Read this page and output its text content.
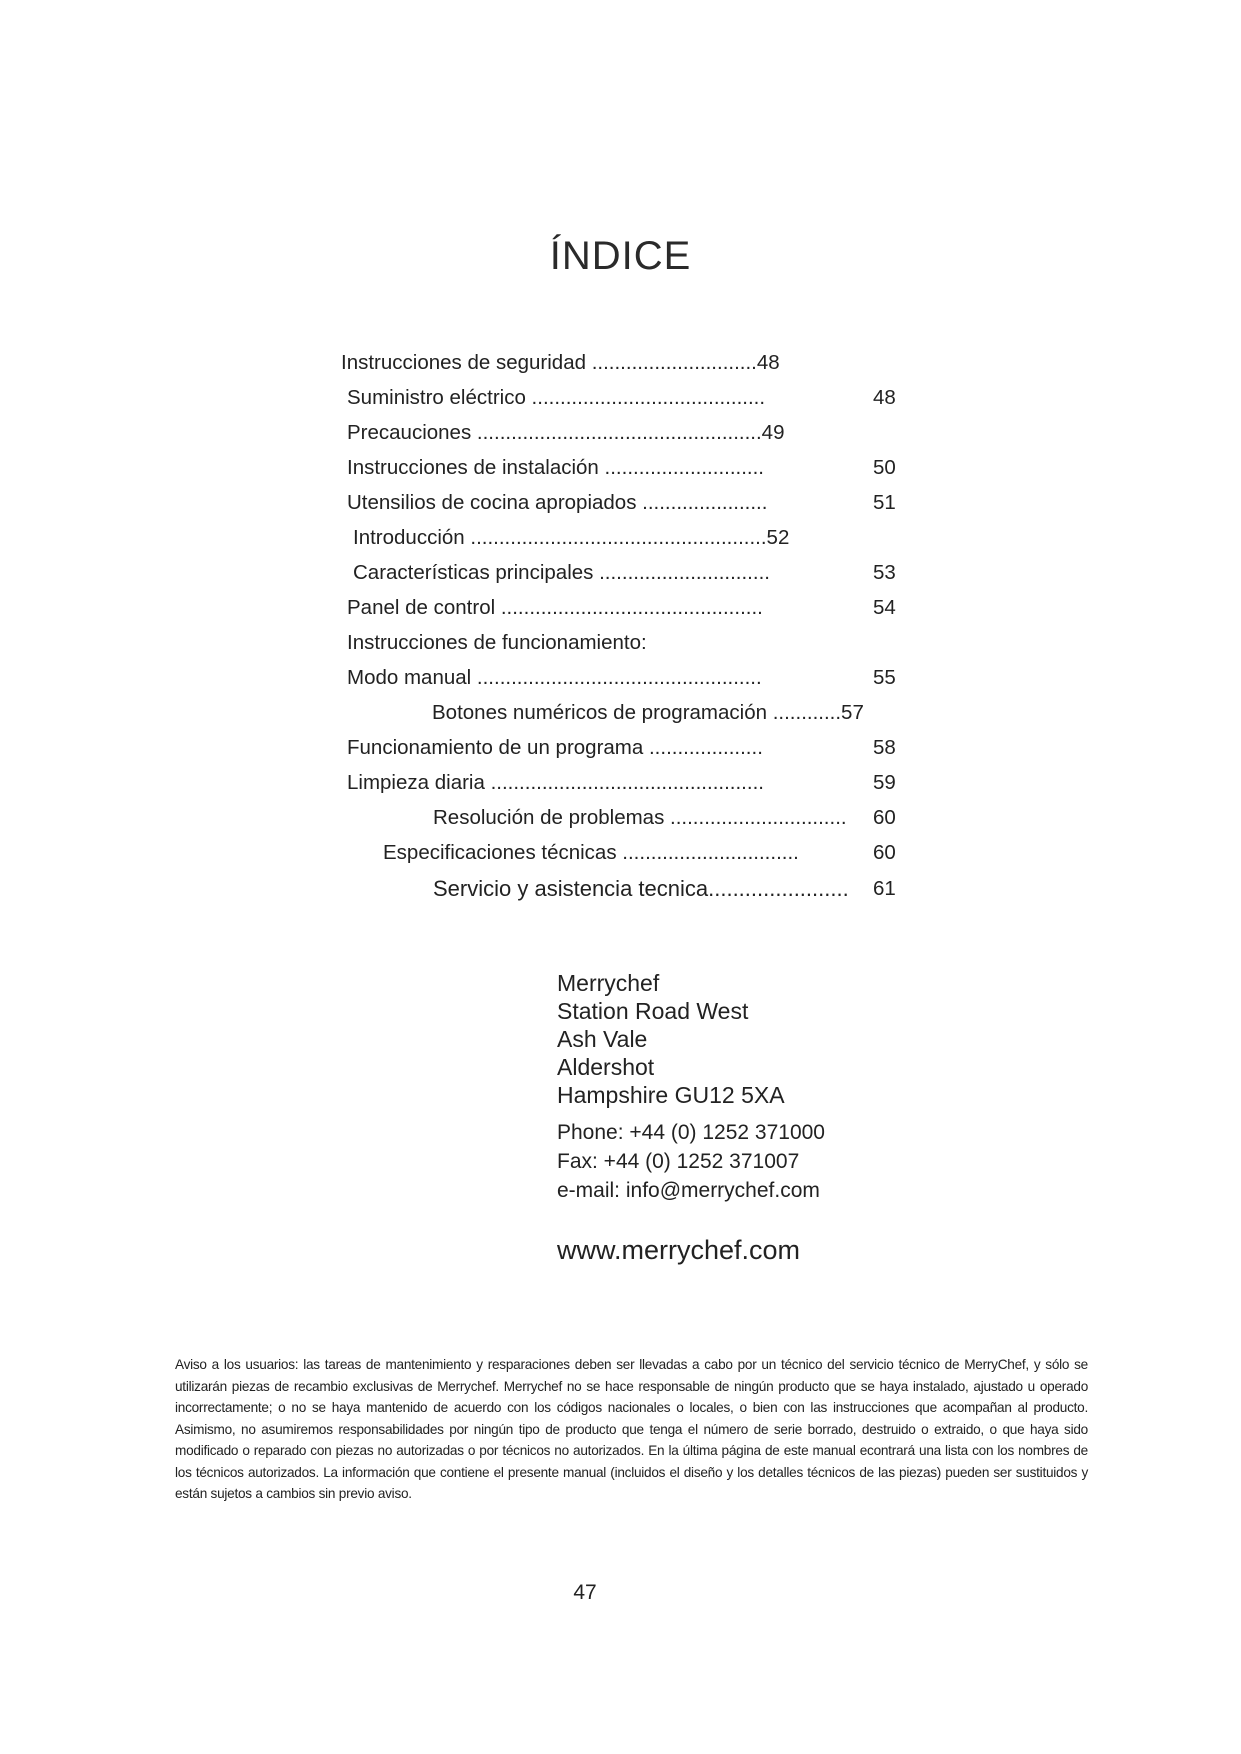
ÍNDICE
Instrucciones de seguridad .............................48
Suministro eléctrico .........................................	48
Precauciones ..................................................49
Instrucciones de instalación ............................	50
Utensilios de cocina apropiados ......................	51
Introducción ....................................................52
Características principales ..............................	53
Panel de control ..............................................	54
Instrucciones de funcionamiento:
Modo manual ..................................................	55
Botones numéricos de programación ............57
Funcionamiento de un programa ....................	58
Limpieza diaria ................................................	59
Resolución de problemas ............................... 60
Especificaciones técnicas ...............................	60
Servicio y asistencia tecnica....................... 61
Merrychef
Station Road West
Ash Vale
Aldershot
Hampshire GU12 5XA
Phone: +44 (0) 1252 371000
Fax: +44 (0) 1252 371007
e-mail: info@merrychef.com
www.merrychef.com
Aviso a los usuarios: las tareas de mantenimiento y resparaciones deben ser llevadas a cabo por un técnico del servicio técnico de MerryChef, y sólo se utilizarán piezas de recambio exclusivas de Merrychef. Merrychef no se hace responsable de ningún producto que se haya instalado, ajustado u operado incorrectamente; o no se haya mantenido de acuerdo con los códigos nacionales o locales, o bien con las instrucciones que acompañan al producto. Asimismo, no asumiremos responsabilidades por ningún tipo de producto que tenga el número de serie borrado, destruido o extraido, o que haya sido modificado o reparado con piezas no autorizadas o por técnicos no autorizados. En la última página de este manual econtrará una lista con los nombres de los técnicos autorizados. La información que contiene el presente manual (incluidos el diseño y los detalles técnicos de las piezas) pueden ser sustituidos y están sujetos a cambios sin previo aviso.
47
